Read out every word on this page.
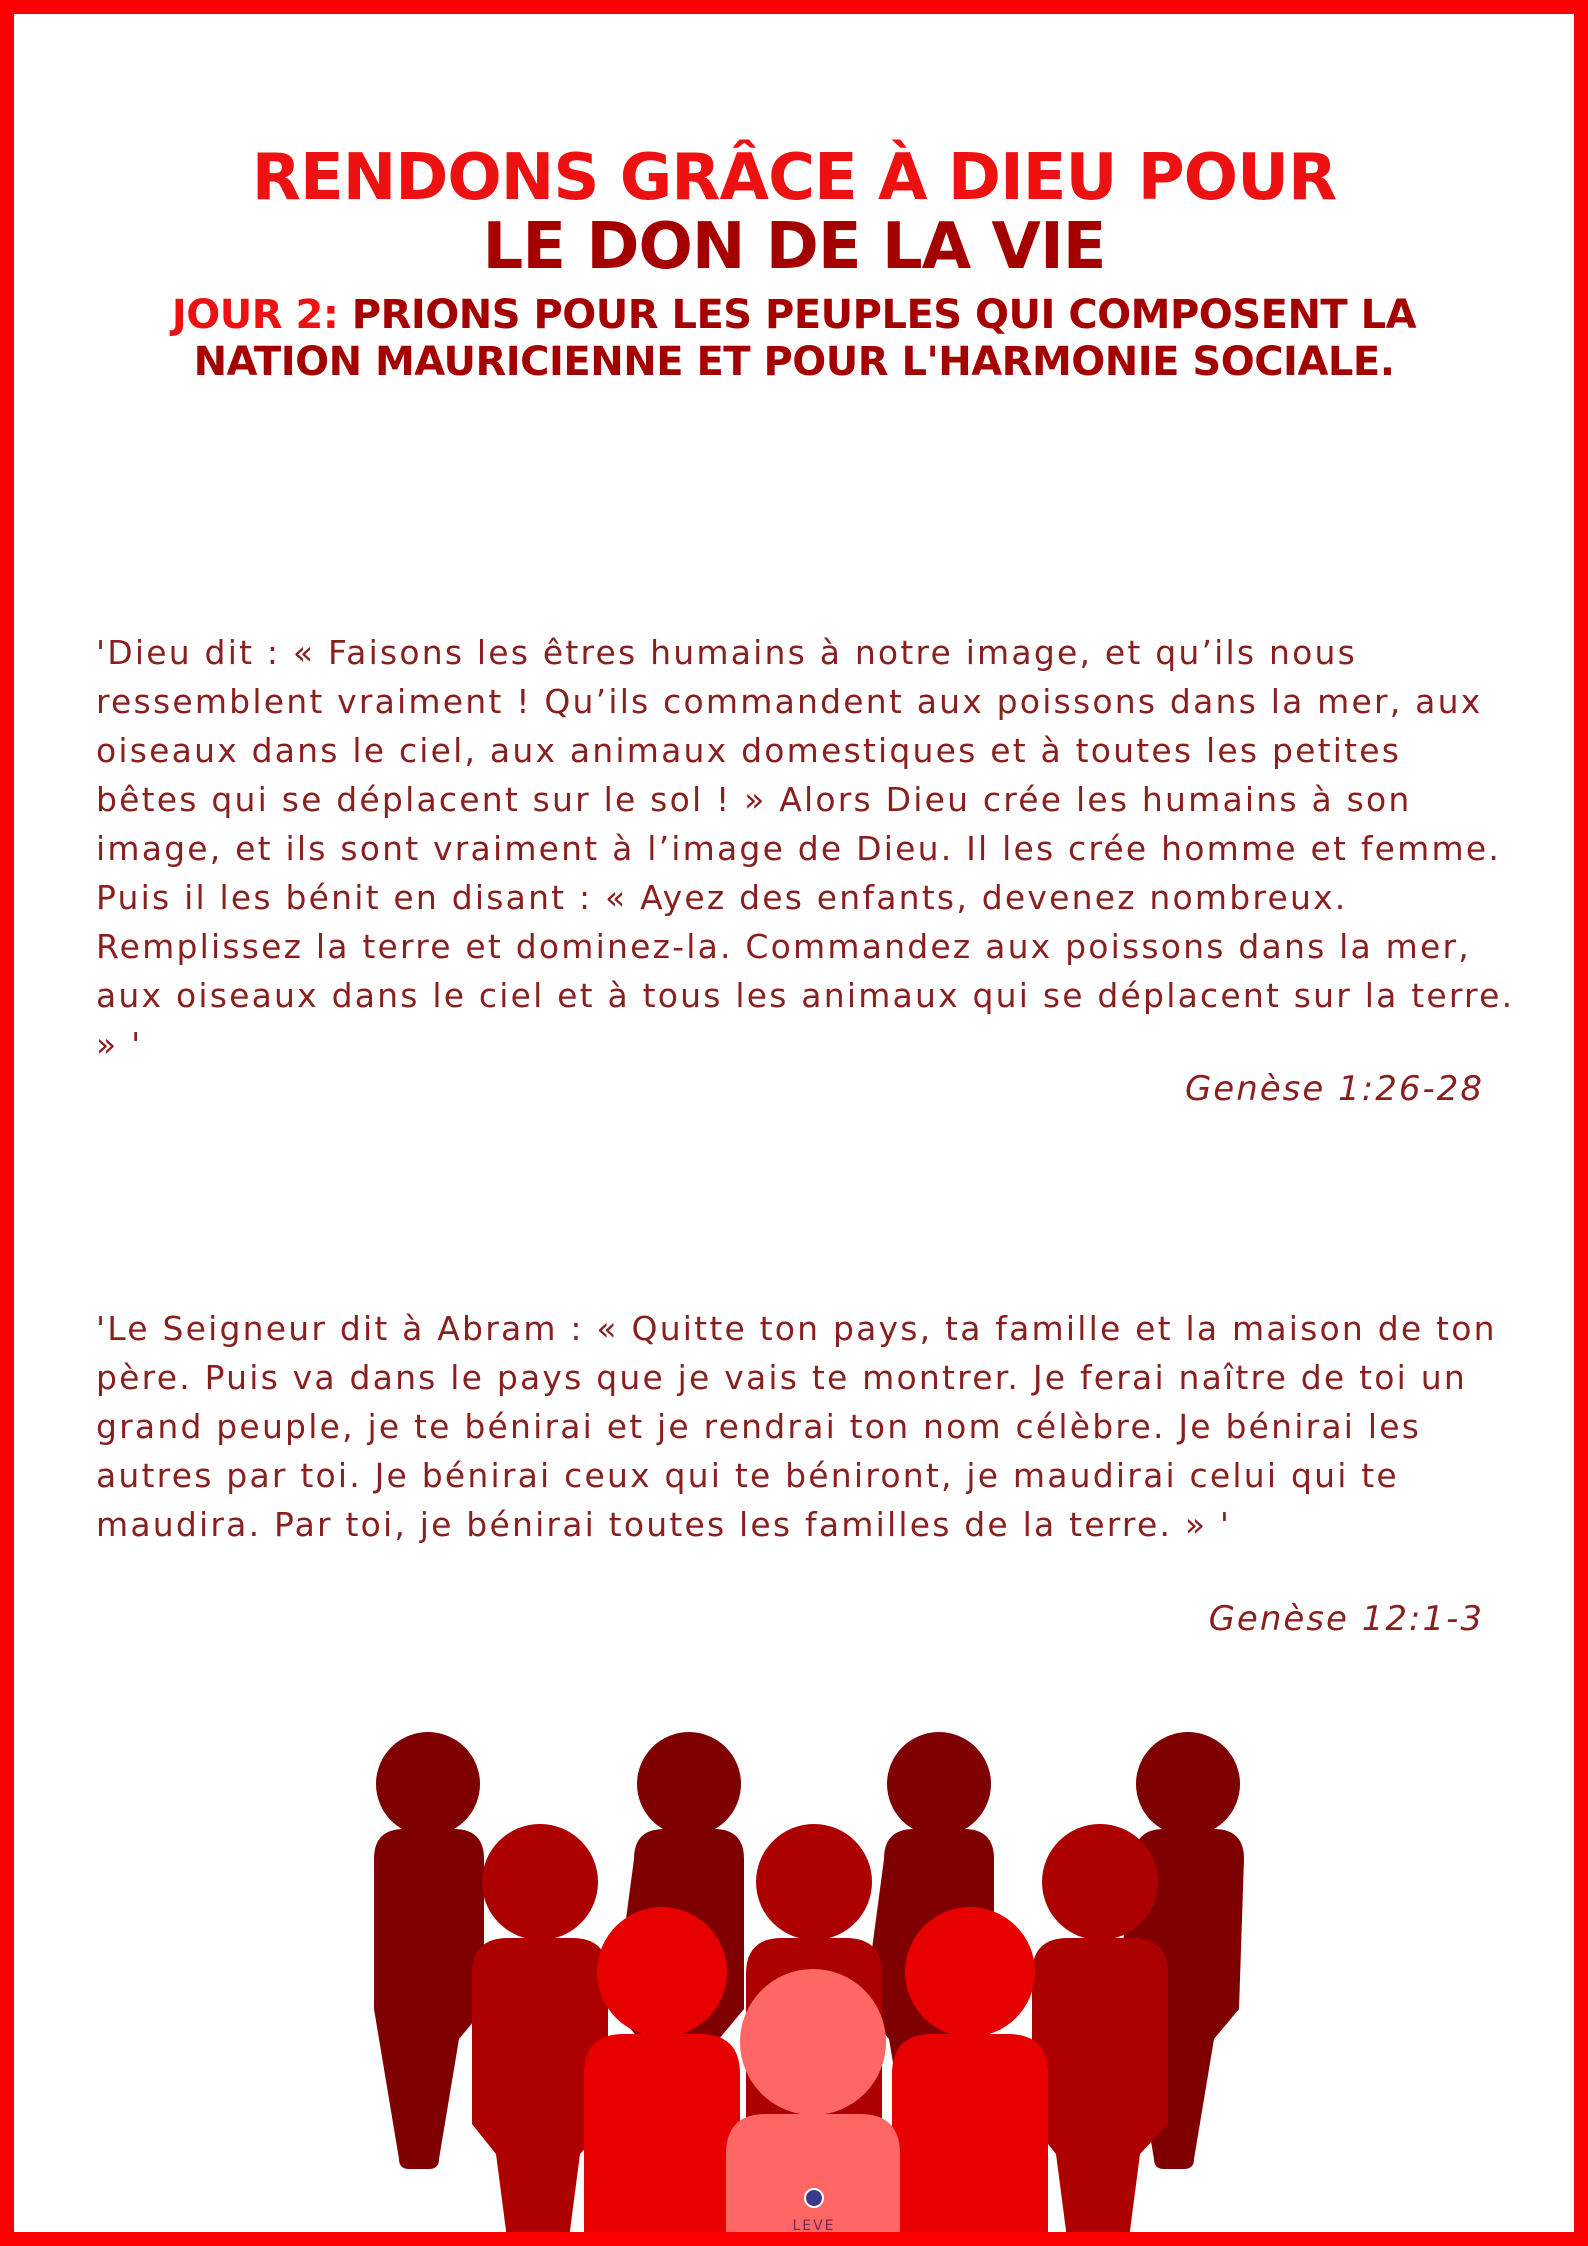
RENDONS GRÂCE À DIEU POUR
LE DON DE LA VIE
JOUR 2: PRIONS POUR LES PEUPLES QUI COMPOSENT LA NATION MAURICIENNE ET POUR L'HARMONIE SOCIALE.
'Dieu dit : « Faisons les êtres humains à notre image, et qu’ils nous ressemblent vraiment ! Qu’ils commandent aux poissons dans la mer, aux oiseaux dans le ciel, aux animaux domestiques et à toutes les petites bêtes qui se déplacent sur le sol ! » Alors Dieu crée les humains à son image, et ils sont vraiment à l’image de Dieu. Il les crée homme et femme. Puis il les bénit en disant : « Ayez des enfants, devenez nombreux. Remplissez la terre et dominez-la. Commandez aux poissons dans la mer, aux oiseaux dans le ciel et à tous les animaux qui se déplacent sur la terre. » '
Genèse 1:26-28
'Le Seigneur dit à Abram : « Quitte ton pays, ta famille et la maison de ton père. Puis va dans le pays que je vais te montrer. Je ferai naître de toi un grand peuple, je te bénirai et je rendrai ton nom célèbre. Je bénirai les autres par toi. Je bénirai ceux qui te béniront, je maudirai celui qui te maudira. Par toi, je bénirai toutes les familles de la terre. » '
Genèse 12:1-3
LEVE MARSE!
